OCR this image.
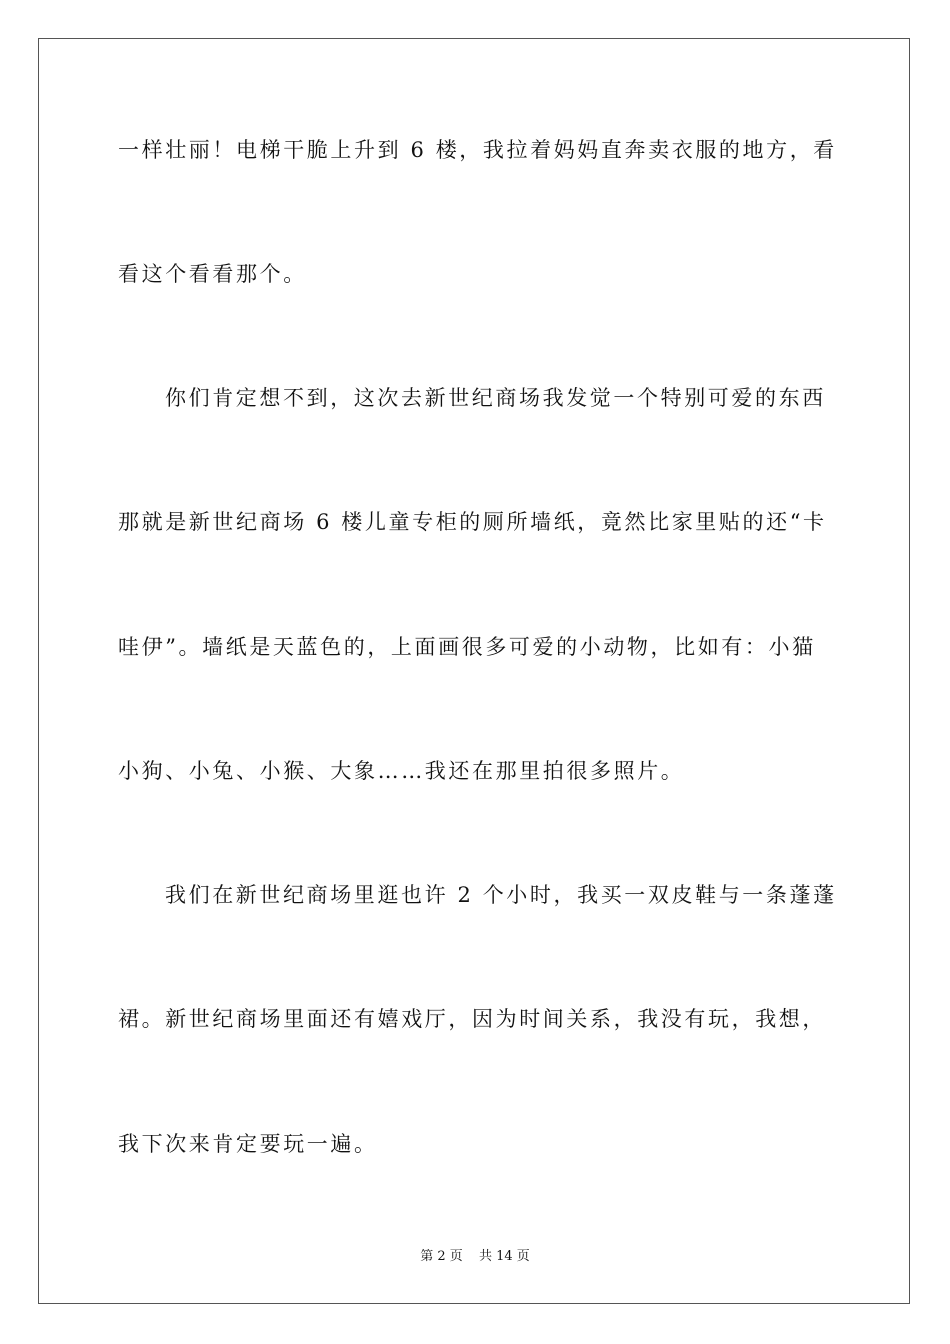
一样壮丽！电梯干脆上升到 6 楼，我拉着妈妈直奔卖衣服的地方，看
看这个看看那个。
你们肯定想不到，这次去新世纪商场我发觉一个特别可爱的东西
那就是新世纪商场 6 楼儿童专柜的厕所墙纸，竟然比家里贴的还“卡
哇伊”。墙纸是天蓝色的，上面画很多可爱的小动物，比如有：小猫
小狗、小兔、小猴、大象……我还在那里拍很多照片。
我们在新世纪商场里逛也许 2 个小时，我买一双皮鞋与一条蓬蓬
裙。新世纪商场里面还有嬉戏厅，因为时间关系，我没有玩，我想，
我下次来肯定要玩一遍。
第 2 页 共 14 页
